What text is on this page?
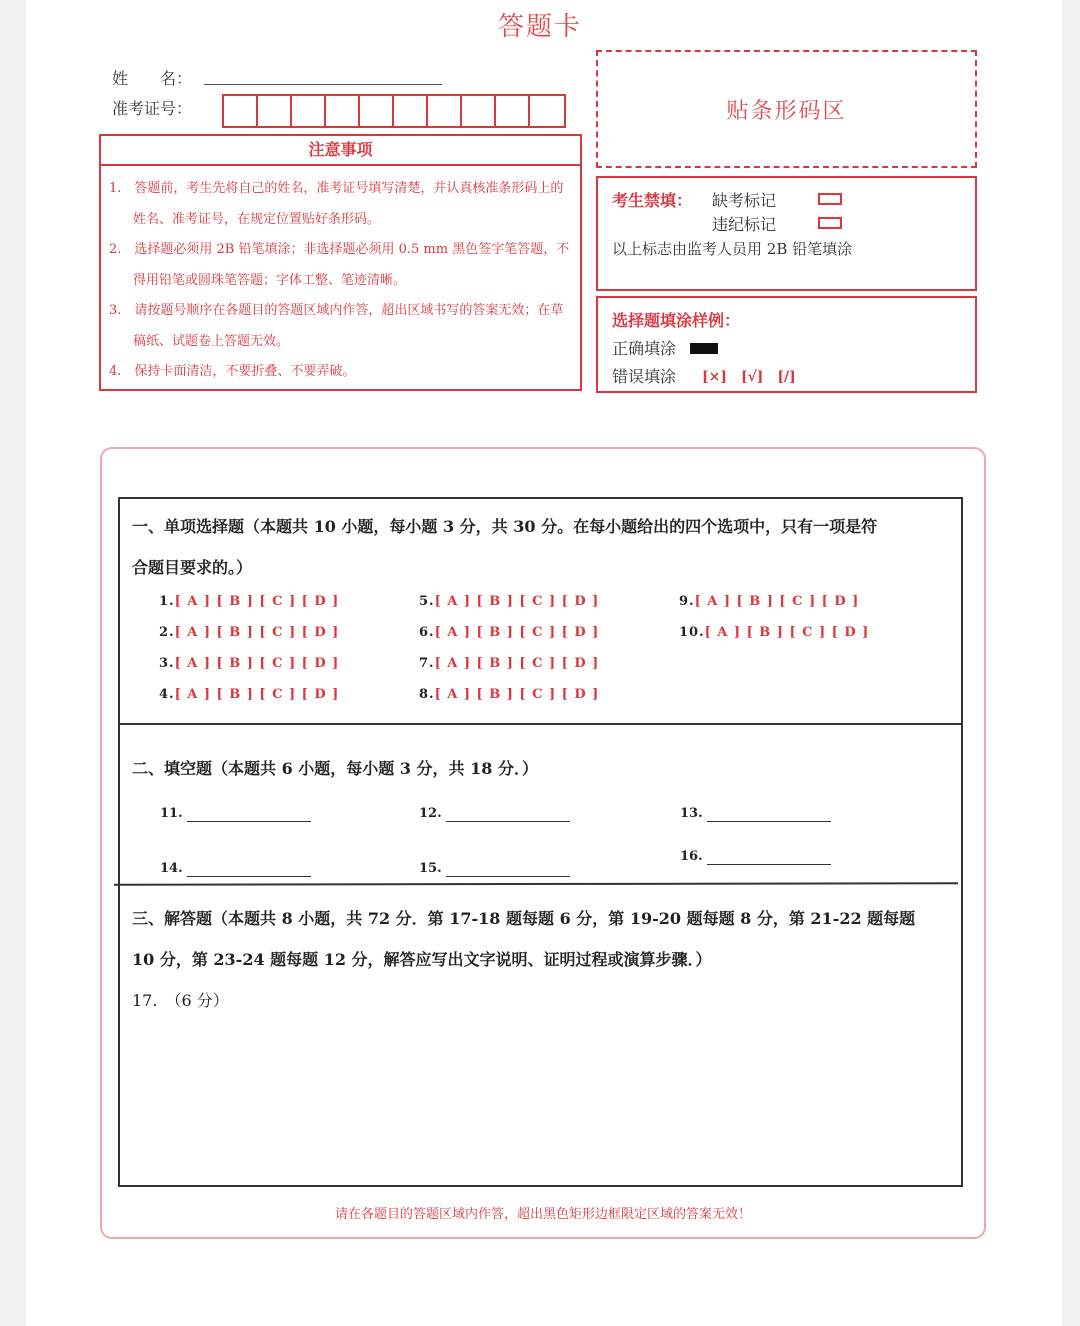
答题卡
姓　　名：
准考证号：
注意事项
1.　答题前，考生先将自己的姓名，准考证号填写清楚，并认真核准条形码上的姓名、准考证号，在规定位置贴好条形码。
2.　选择题必须用 2B 铅笔填涂；非选择题必须用 0.5 mm 黑色签字笔答题，不得用铅笔或圆珠笔答题；字体工整、笔迹清晰。
3.　请按题号顺序在各题目的答题区域内作答，超出区域书写的答案无效；在草稿纸、试题卷上答题无效。
4.　保持卡面清洁，不要折叠、不要弄破。
贴条形码区
考生禁填： 缺考标记
违纪标记
以上标志由监考人员用 2B 铅笔填涂
选择题填涂样例：
正确填涂
错误填涂 [×]　[√]　[/]
一、单项选择题（本题共 10 小题，每小题 3 分，共 30 分。在每小题给出的四个选项中，只有一项是符
合题目要求的。）
1.[ A ] [ B ] [ C ] [ D ]
2.[ A ] [ B ] [ C ] [ D ]
3.[ A ] [ B ] [ C ] [ D ]
4.[ A ] [ B ] [ C ] [ D ]
5.[ A ] [ B ] [ C ] [ D ]
6.[ A ] [ B ] [ C ] [ D ]
7.[ A ] [ B ] [ C ] [ D ]
8.[ A ] [ B ] [ C ] [ D ]
9.[ A ] [ B ] [ C ] [ D ]
10.[ A ] [ B ] [ C ] [ D ]
二、填空题（本题共 6 小题，每小题 3 分，共 18 分．）
11.	12.	13.
14.	15.
16.
三、解答题（本题共 8 小题，共 72 分．第 17-18 题每题 6 分，第 19-20 题每题 8 分，第 21-22 题每题
10 分，第 23-24 题每题 12 分，解答应写出文字说明、证明过程或演算步骤．）
17.　（6 分）
请在各题目的答题区域内作答，超出黑色矩形边框限定区域的答案无效！
